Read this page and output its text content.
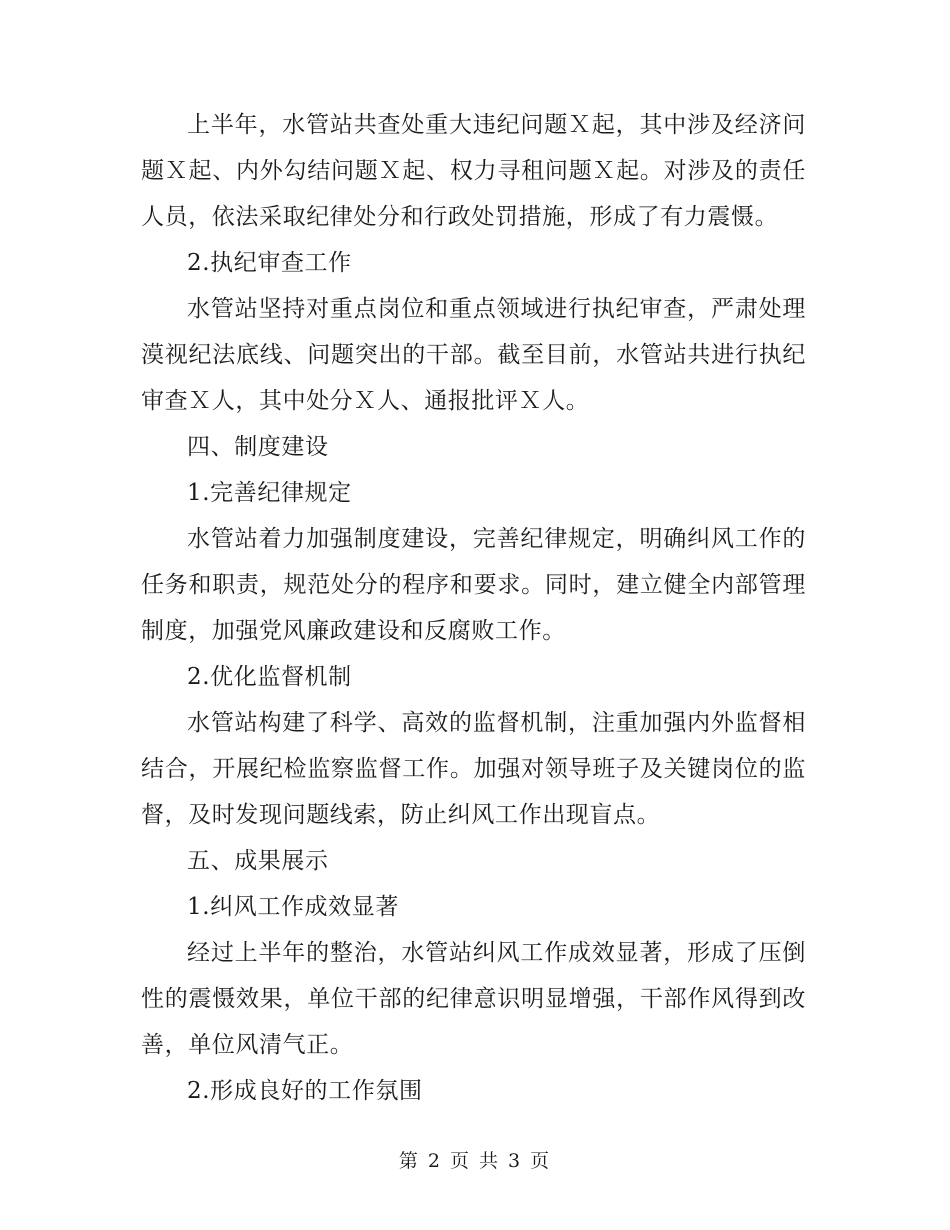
上半年，水管站共查处重大违纪问题Ｘ起，其中涉及经济问题Ｘ起、内外勾结问题Ｘ起、权力寻租问题Ｘ起。对涉及的责任人员，依法采取纪律处分和行政处罚措施，形成了有力震慑。

2.执纪审查工作

水管站坚持对重点岗位和重点领域进行执纪审查，严肃处理漠视纪法底线、问题突出的干部。截至目前，水管站共进行执纪审查Ｘ人，其中处分Ｘ人、通报批评Ｘ人。

四、制度建设

1.完善纪律规定

水管站着力加强制度建设，完善纪律规定，明确纠风工作的任务和职责，规范处分的程序和要求。同时，建立健全内部管理制度，加强党风廉政建设和反腐败工作。

2.优化监督机制

水管站构建了科学、高效的监督机制，注重加强内外监督相结合，开展纪检监察监督工作。加强对领导班子及关键岗位的监督，及时发现问题线索，防止纠风工作出现盲点。

五、成果展示

1.纠风工作成效显著

经过上半年的整治，水管站纠风工作成效显著，形成了压倒性的震慑效果，单位干部的纪律意识明显增强，干部作风得到改善，单位风清气正。

2.形成良好的工作氛围

第 2 页 共 3 页
